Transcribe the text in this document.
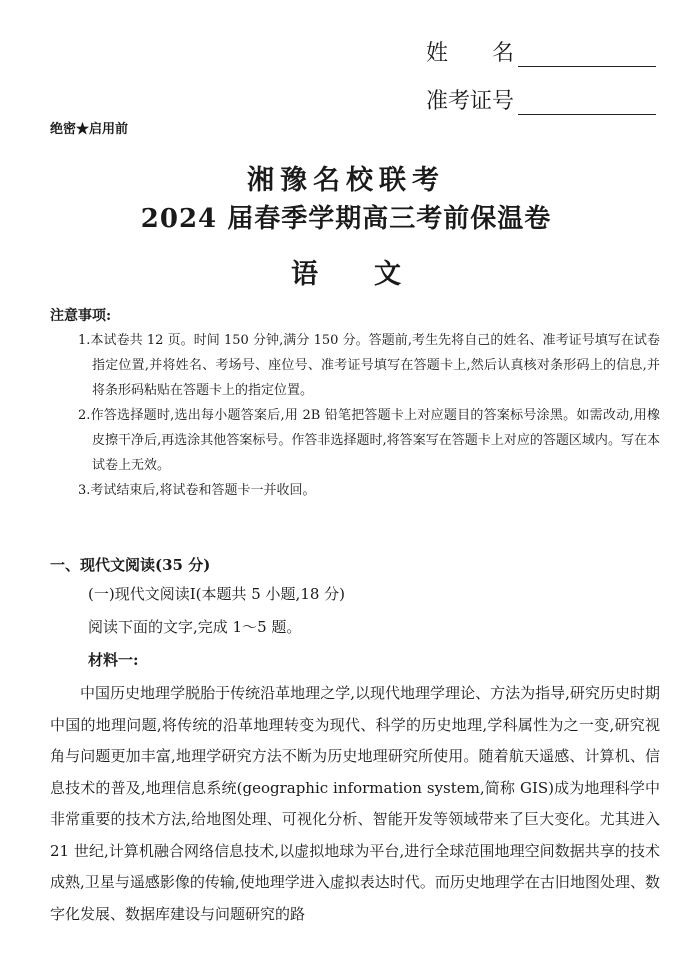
姓　　名
准考证号
绝密★启用前
湘豫名校联考
2024 届春季学期高三考前保温卷
语 文
注意事项:

1.本试卷共 12 页。时间 150 分钟,满分 150 分。答题前,考生先将自己的姓名、准考证号填写在试卷指定位置,并将姓名、考场号、座位号、准考证号填写在答题卡上,然后认真核对条形码上的信息,并将条形码粘贴在答题卡上的指定位置。

2.作答选择题时,选出每小题答案后,用 2B 铅笔把答题卡上对应题目的答案标号涂黑。如需改动,用橡皮擦干净后,再选涂其他答案标号。作答非选择题时,将答案写在答题卡上对应的答题区域内。写在本试卷上无效。

3.考试结束后,将试卷和答题卡一并收回。

一、现代文阅读(35 分)
(一)现代文阅读Ⅰ(本题共 5 小题,18 分)
阅读下面的文字,完成 1～5 题。
材料一:

中国历史地理学脱胎于传统沿革地理之学,以现代地理学理论、方法为指导,研究历史时期中国的地理问题,将传统的沿革地理转变为现代、科学的历史地理,学科属性为之一变,研究视角与问题更加丰富,地理学研究方法不断为历史地理研究所使用。随着航天遥感、计算机、信息技术的普及,地理信息系统(geographic information system,简称 GIS)成为地理科学中非常重要的技术方法,给地图处理、可视化分析、智能开发等领域带来了巨大变化。尤其进入 21 世纪,计算机融合网络信息技术,以虚拟地球为平台,进行全球范围地理空间数据共享的技术成熟,卫星与遥感影像的传输,使地理学进入虚拟表达时代。而历史地理学在古旧地图处理、数字化发展、数据库建设与问题研究的路
